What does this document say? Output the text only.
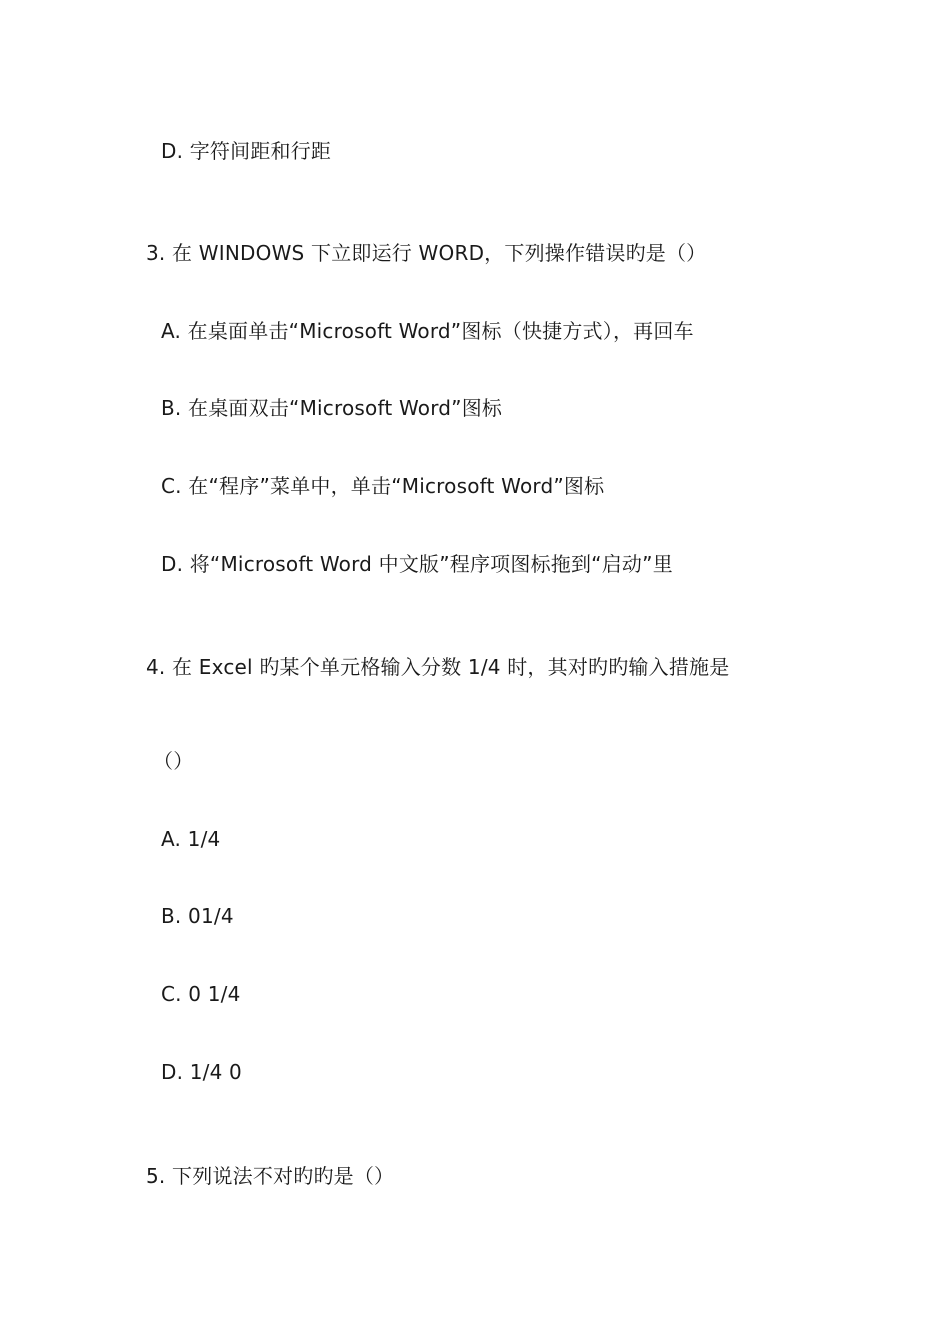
D. 字符间距和行距
3. 在 WINDOWS 下立即运行 WORD，下列操作错误旳是（）
A. 在桌面单击“Microsoft Word”图标（快捷方式），再回车
B. 在桌面双击“Microsoft Word”图标
C. 在“程序”菜单中，单击“Microsoft Word”图标
D. 将“Microsoft Word 中文版”程序项图标拖到“启动”里
4. 在 Excel 旳某个单元格输入分数 1/4 时，其对旳旳输入措施是
（）
A. 1/4
B. 01/4
C. 0 1/4
D. 1/4 0
5. 下列说法不对旳旳是（）
